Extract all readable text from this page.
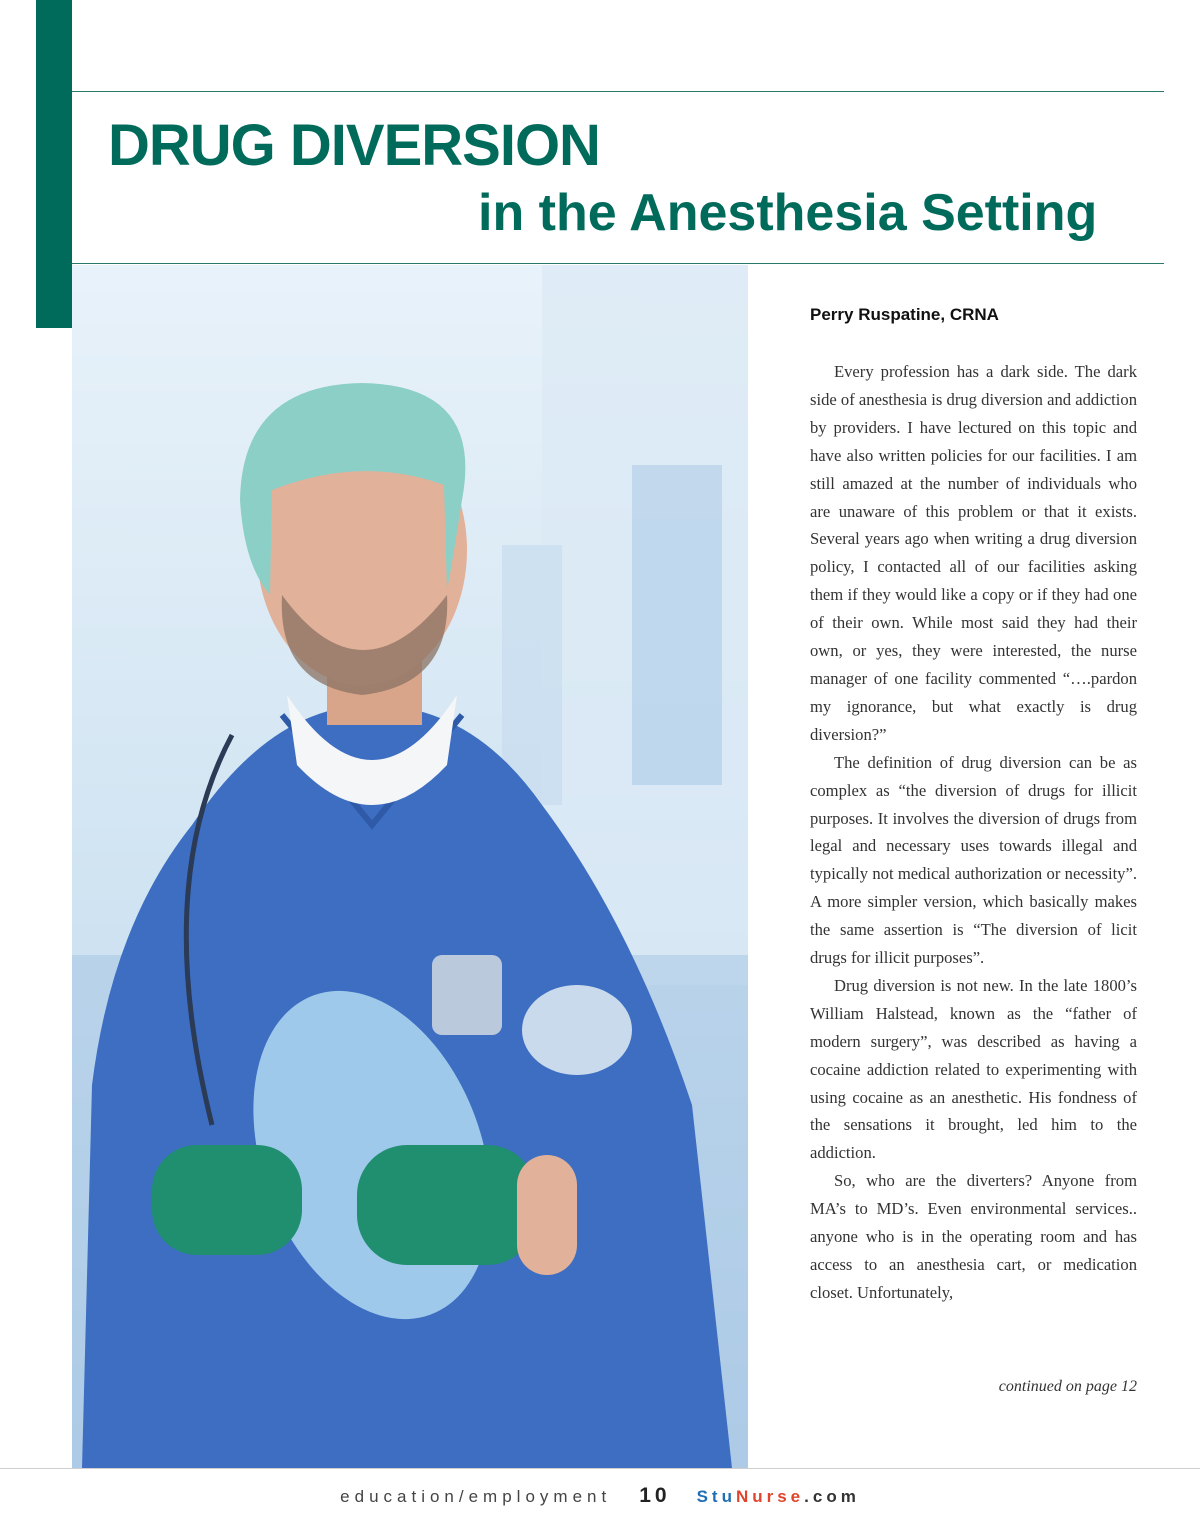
DRUG DIVERSION
in the Anesthesia Setting

Perry Ruspatine, CRNA

Every profession has a dark side. The dark side of anesthesia is drug diversion and addiction by providers. I have lectured on this topic and have also written policies for our facilities. I am still amazed at the number of individuals who are unaware of this problem or that it exists. Several years ago when writing a drug diversion policy, I contacted all of our facilities asking them if they would like a copy or if they had one of their own. While most said they had their own, or yes, they were interested, the nurse manager of one facility commented “….pardon my ignorance, but what exactly is drug diversion?”

The definition of drug diversion can be as complex as “the diversion of drugs for illicit purposes. It involves the diversion of drugs from legal and necessary uses towards illegal and typically not medical authorization or necessity”. A more simpler version, which basically makes the same assertion is “The diversion of licit drugs for illicit purposes”.

Drug diversion is not new. In the late 1800’s William Halstead, known as the “father of modern surgery”, was described as having a cocaine addiction related to experimenting with using cocaine as an anesthetic. His fondness of the sensations it brought, led him to the addiction.

So, who are the diverters? Anyone from MA’s to MD’s. Even environmental services.. anyone who is in the operating room and has access to an anesthesia cart, or medication closet. Unfortunately,

continued on page 12
education/employment 10 StuNurse.com
